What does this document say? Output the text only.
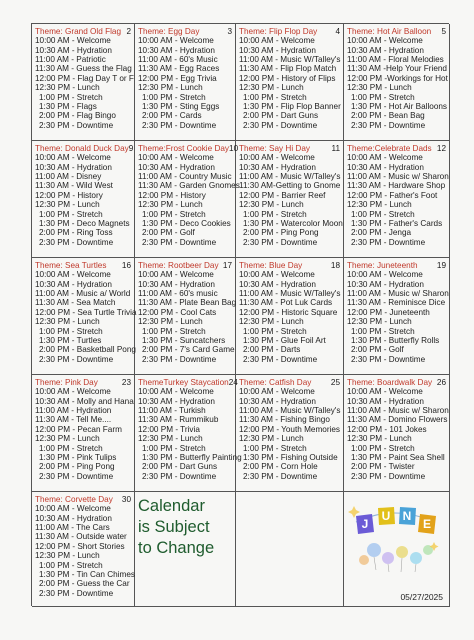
Calendar
is Subject
to Change
J
U N
E
05/27/2025
Theme: Grand Old Flag 2
10:00 AM - Welcome
10:30 AM - Hydration
11:00 AM - Patriotic
11:30 AM - Guess the Flag
12:00 PM - Flag Day T or F
12:30 PM - Lunch
1:00 PM - Stretch
1:30 PM - Flags
2:00 PM - Flag Bingo
2:30 PM - Downtime
Theme: Egg Day	3
10:00 AM - Welcome
10:30 AM - Hydration
11:00 AM - 60's Music
11:30 AM - Egg Races
12:00 PM - Egg Trivia
12:30 PM - Lunch
1:00 PM - Stretch
1:30 PM - Sting Eggs
2:00 PM - Cards
2:30 PM - Downtime
Theme: Flip Flop Day 4
10:00 AM - Welcome
10:30 AM - Hydration
11:00 AM - Music W/Talley's
11:30 AM - Flip Flop Match
12:00 PM - History of Flips
12:30 PM - Lunch
1:00 PM - Stretch
1:30 PM - Flip Flop Banner
2:00 PM - Dart Guns
2:30 PM - Downtime
Theme: Hot Air Balloon 5
10:00 AM - Welcome
10:30 AM - Hydration
11:00 AM - Floral Melodies
11:30 AM -Help Your Friend
12:00 PM -Workings for Hot
12:30 PM - Lunch
1:00 PM - Stretch
1:30 PM - Hot Air Balloons
2:00 PM - Bean Bag
2:30 PM - Downtime
Theme: Donald Duck Day 9
10:00 AM - Welcome
10:30 AM - Hydration
11:00 AM - Disney
11:30 AM - Wild West
12:00 PM - History
12:30 PM - Lunch
1:00 PM - Stretch
1:30 PM - Deco Magnets
2:00 PM - Ring Toss
2:30 PM - Downtime
Theme:Frost Cookie Day 10
10:00 AM - Welcome
10:30 AM - Hydration
11:00 AM - Country Music
11:30 AM - Garden Gnomes
12:00 PM - History
12:30 PM - Lunch
1:00 PM - Stretch
1:30 PM - Deco Cookies
2:00 PM - Golf
2:30 PM - Downtime
Theme: Say Hi Day	11
10:00 AM - Welcome
10:30 AM - Hydration
11:00 AM - Music W/Talley's
11:30 AM-Getting to Gnome
12:00 PM - Barrier Reef
12:30 PM - Lunch
1:00 PM - Stretch
1:30 PM - Watercolor Moon
2:00 PM - Ping Pong
2:30 PM - Downtime
Theme:Celebrate Dads 12
10:00 AM - Welcome
10:30 AM - Hydration
11:00 AM - Music w/ Sharon
11:30 AM - Hardware Shop
12:00 PM - Father's Foot
12:30 PM - Lunch
1:00 PM - Stretch
1:30 PM - Father's Cards
2:00 PM - Jenga
2:30 PM - Downtime
Theme: Sea Turtles 16
10:00 AM - Welcome
10:30 AM - Hydration
11:00 AM - Music a/ World
11:30 AM - Sea Match
12:00 PM - Sea Turtle Trivia
12:30 PM - Lunch
1:00 PM - Stretch
1:30 PM - Turtles
2:00 PM - Basketball Pong
2:30 PM - Downtime
Theme: Rootbeer Day 17
10:00 AM - Welcome
10:30 AM - Hydration
11:00 AM - 60's music
11:30 AM - Plate Bean Bag
12:00 PM - Cool Cats
12:30 PM - Lunch
1:00 PM - Stretch
1:30 PM - Suncatchers
2:00 PM - 7's Card Game
2:30 PM - Downtime
Theme: Blue Day	18
10:00 AM - Welcome
10:30 AM - Hydration
11:00 AM - Music W/Talley's
11:30 AM - Pot Luk Cards
12:00 PM - Historic Square
12:30 PM - Lunch
1:00 PM - Stretch
1:30 PM - Glue Foil Art
2:00 PM - Darts
2:30 PM - Downtime
Theme: Juneteenth 19
10:00 AM - Welcome
10:30 AM - Hydration
11:00 AM - Music w/ Sharon
11:30 AM - Reminisce Dice
12:00 PM - Juneteenth
12:30 PM - Lunch
1:00 PM - Stretch
1:30 PM - Butterfly Rolls
2:00 PM - Golf
2:30 PM - Downtime
Theme: Pink Day	23
10:00 AM - Welcome
10:30 AM - Molly and Hana
11:00 AM - Hydration
11:30 AM - Tell Me....
12:00 PM - Pecan Farm
12:30 PM - Lunch
1:00 PM - Stretch
1:30 PM - Pink Tulips
2:00 PM - Ping Pong
2:30 PM - Downtime
ThemeTurkey Staycation 24
10:00 AM - Welcome
10:30 AM - Hydration
11:00 AM - Turkish
11:30 AM - Rummikub
12:00 PM - Trivia
12:30 PM - Lunch
1:00 PM - Stretch
1:30 PM - Butterfly Painting
2:00 PM - Dart Guns
2:30 PM - Downtime
Theme: Catfish Day 25
10:00 AM - Welcome
10:30 AM - Hydration
11:00 AM - Music W/Talley's
11:30 AM - Fishing Bingo
12:00 PM - Youth Memories
12:30 PM - Lunch
1:00 PM - Stretch
1:30 PM - Fishing Outside
2:00 PM - Corn Hole
2:30 PM - Downtime
Theme: Boardwalk Day 26
10:00 AM - Welcome
10:30 AM - Hydration
11:00 AM - Music w/ Sharon
11:30 AM - Domino Flowers
12:00 PM - 101 Jokes
12:30 PM - Lunch
1:00 PM - Stretch
1:30 PM - Paint Sea Shell
2:00 PM - Twister
2:30 PM - Downtime
Theme: Corvette Day 30
10:00 AM - Welcome
10:30 AM - Hydration
11:00 AM - The Cars
11:30 AM - Outside water
12:00 PM - Short Stories
12:30 PM - Lunch
1:00 PM - Stretch
1:30 PM - Tin Can Chimes
2:00 PM - Guess the Car
2:30 PM - Downtime
